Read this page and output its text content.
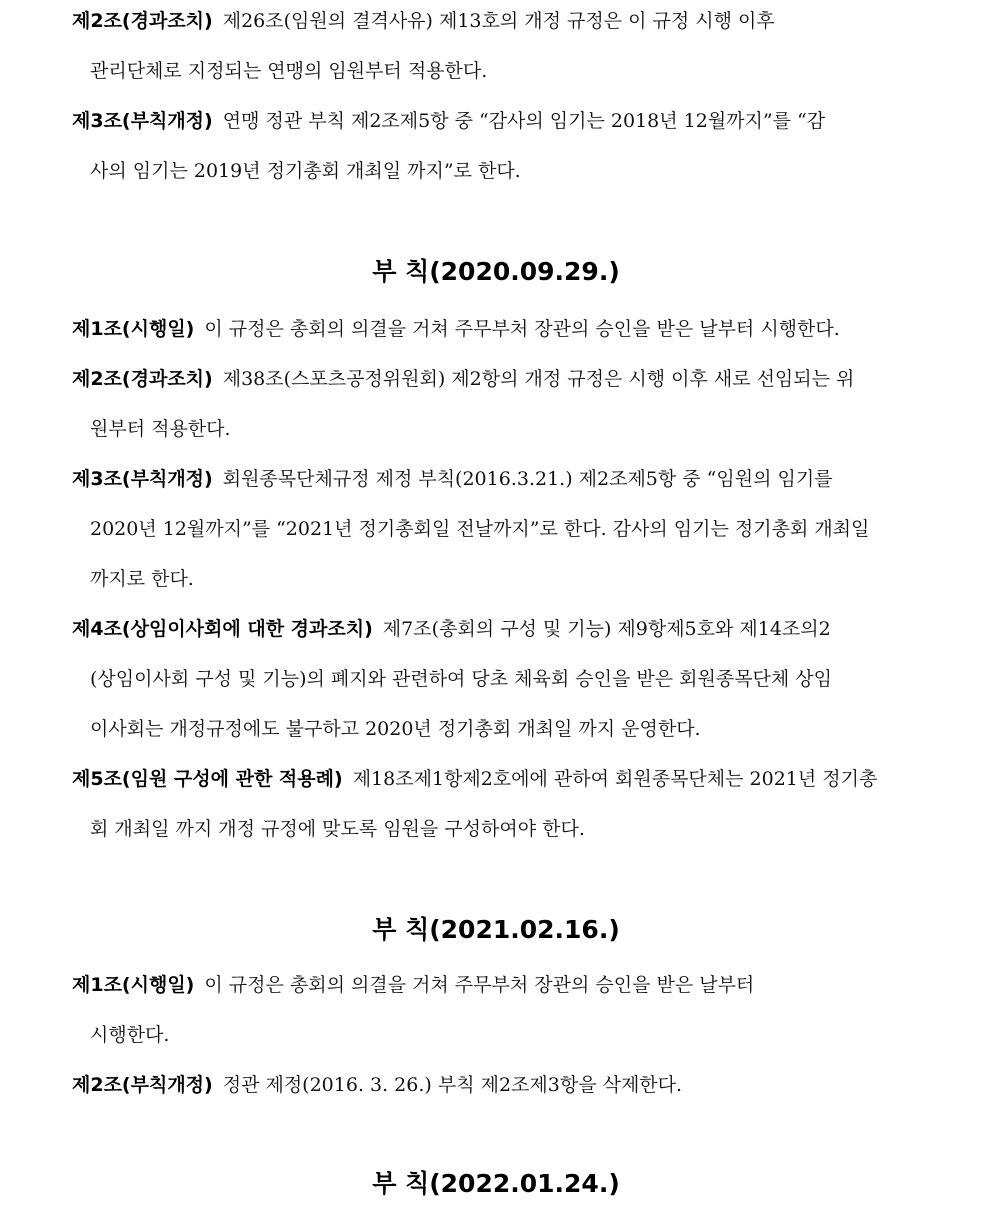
제2조(경과조치) 제26조(임원의 결격사유) 제13호의 개정 규정은 이 규정 시행 이후
관리단체로 지정되는 연맹의 임원부터 적용한다.
제3조(부칙개정) 연맹 정관 부칙 제2조제5항 중 “감사의 임기는 2018년 12월까지”를 “감
사의 임기는 2019년 정기총회 개최일 까지”로 한다.
부 칙(2020.09.29.)
제1조(시행일) 이 규정은 총회의 의결을 거쳐 주무부처 장관의 승인을 받은 날부터 시행한다.
제2조(경과조치) 제38조(스포츠공정위원회) 제2항의 개정 규정은 시행 이후 새로 선임되는 위
원부터 적용한다.
제3조(부칙개정) 회원종목단체규정 제정 부칙(2016.3.21.) 제2조제5항 중 “임원의 임기를
2020년 12월까지”를 “2021년 정기총회일 전날까지”로 한다. 감사의 임기는 정기총회 개최일
까지로 한다.
제4조(상임이사회에 대한 경과조치) 제7조(총회의 구성 및 기능) 제9항제5호와 제14조의2
(상임이사회 구성 및 기능)의 폐지와 관련하여 당초 체육회 승인을 받은 회원종목단체 상임
이사회는 개정규정에도 불구하고 2020년 정기총회 개최일 까지 운영한다.
제5조(임원 구성에 관한 적용례) 제18조제1항제2호에에 관하여 회원종목단체는 2021년 정기총
회 개최일 까지 개정 규정에 맞도록 임원을 구성하여야 한다.
부 칙(2021.02.16.)
제1조(시행일) 이 규정은 총회의 의결을 거쳐 주무부처 장관의 승인을 받은 날부터
시행한다.
제2조(부칙개정) 정관 제정(2016. 3. 26.) 부칙 제2조제3항을 삭제한다.
부 칙(2022.01.24.)
